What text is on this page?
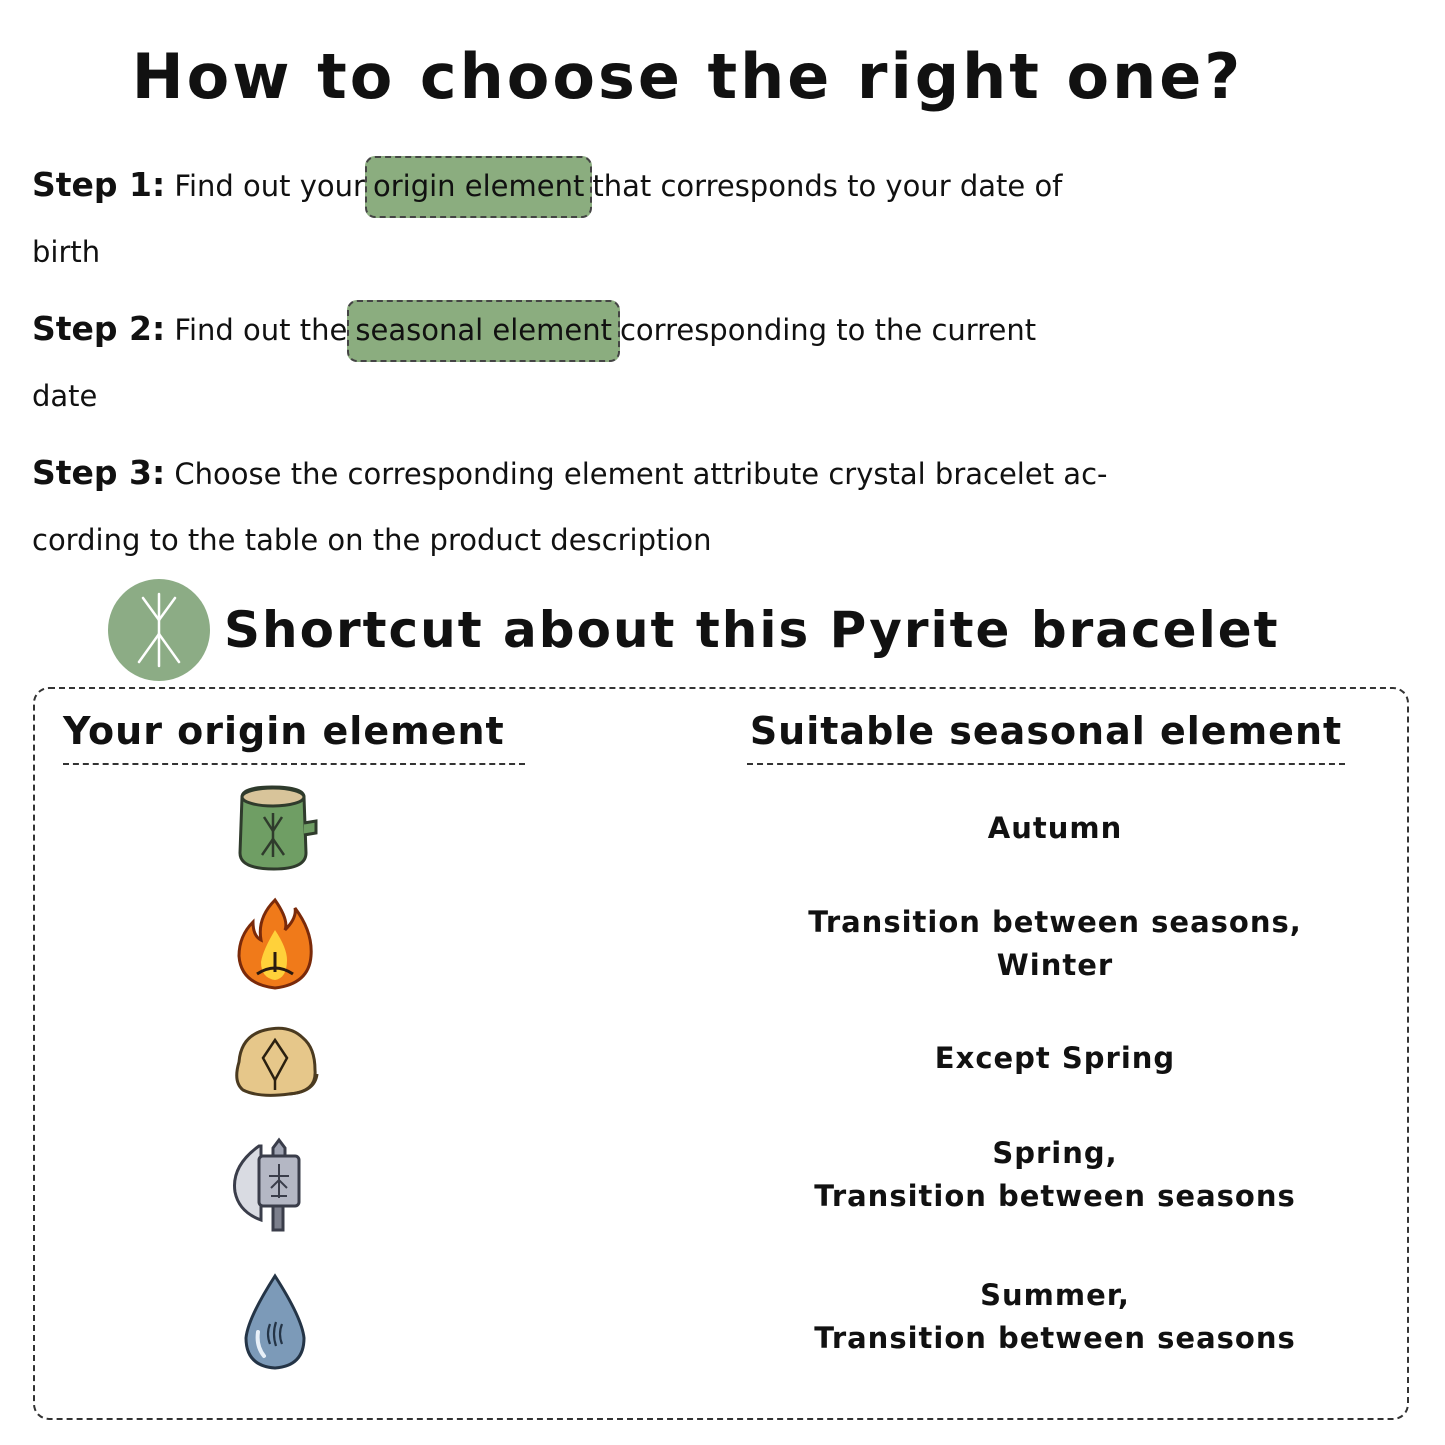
How to choose the right one?
Step 1: Find out your origin element that corresponds to your date of
birth
Step 2: Find out the seasonal element corresponding to the current
date
Step 3: Choose the corresponding element attribute crystal bracelet ac-
cording to the table on the product description
Shortcut about this Pyrite bracelet
Your origin element	Suitable seasonal element
Autumn
Transition between seasons,
Winter
Except Spring
Spring,
Transition between seasons
Summer,
Transition between seasons
